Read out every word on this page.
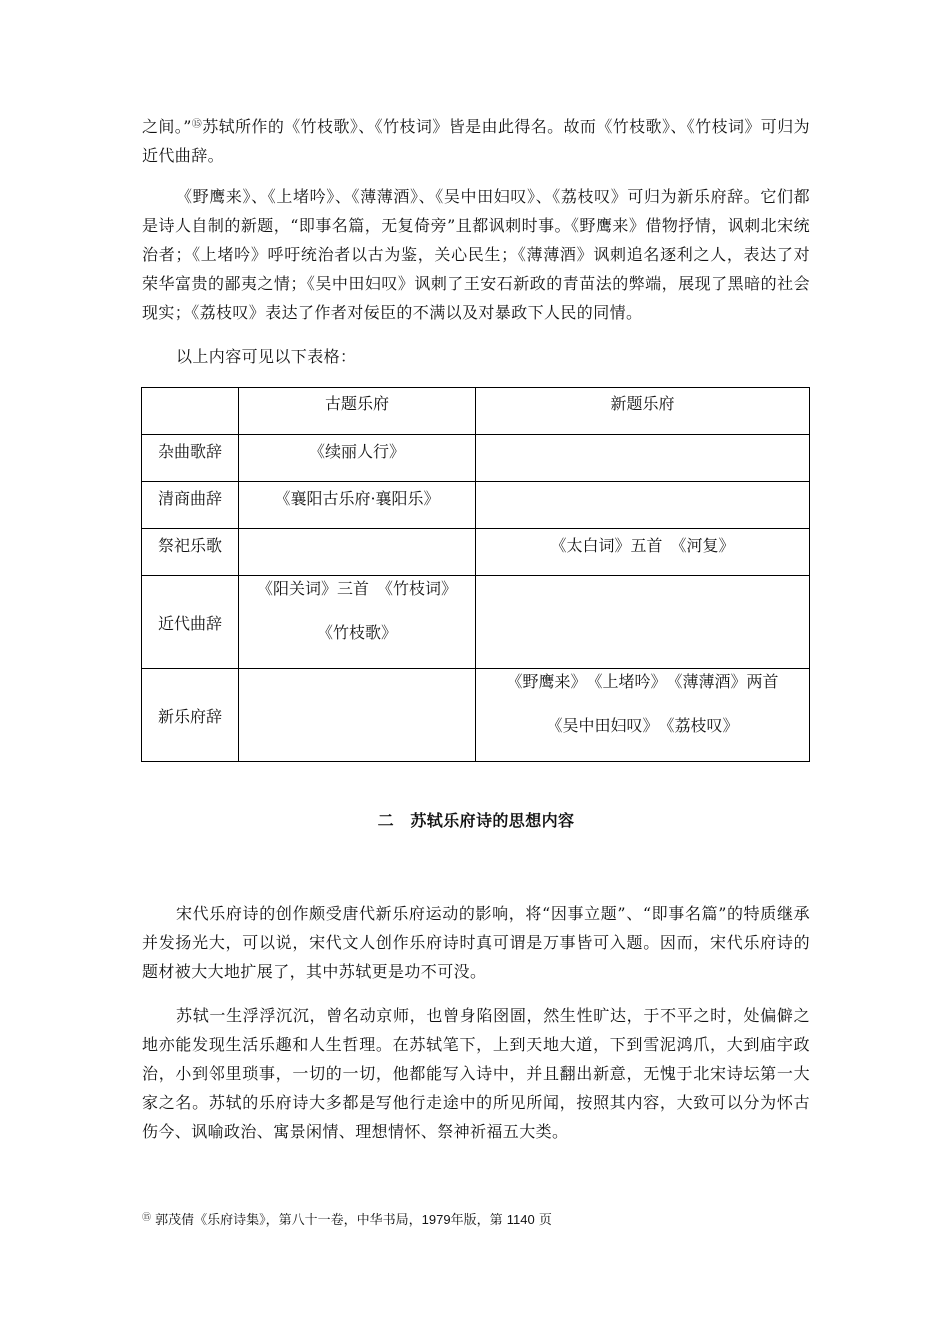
之间。”⑮苏轼所作的《竹枝歌》、《竹枝词》皆是由此得名。故而《竹枝歌》、《竹枝词》可归为近代曲辞。

《野鹰来》、《上堵吟》、《薄薄酒》、《吴中田妇叹》、《荔枝叹》可归为新乐府辞。它们都是诗人自制的新题，“即事名篇，无复倚旁”且都讽刺时事。《野鹰来》借物抒情，讽刺北宋统治者；《上堵吟》呼吁统治者以古为鉴，关心民生；《薄薄酒》讽刺追名逐利之人，表达了对荣华富贵的鄙夷之情；《吴中田妇叹》讽刺了王安石新政的青苗法的弊端，展现了黑暗的社会现实；《荔枝叹》表达了作者对佞臣的不满以及对暴政下人民的同情。

以上内容可见以下表格：

	古题乐府	新题乐府
杂曲歌辞	《续丽人行》	
清商曲辞	《襄阳古乐府·襄阳乐》	
祭祀乐歌		《太白词》五首　《河复》
近代曲辞	《阳关词》三首　《竹枝词》
《竹枝歌》	

新乐府辞		《野鹰来》　《上堵吟》　《薄薄酒》两首
《吴中田妇叹》　《荔枝叹》
二　苏轼乐府诗的思想内容

宋代乐府诗的创作颇受唐代新乐府运动的影响，将“因事立题”、“即事名篇”的特质继承并发扬光大，可以说，宋代文人创作乐府诗时真可谓是万事皆可入题。因而，宋代乐府诗的题材被大大地扩展了，其中苏轼更是功不可没。

苏轼一生浮浮沉沉，曾名动京师，也曾身陷囹圄，然生性旷达，于不平之时，处偏僻之地亦能发现生活乐趣和人生哲理。在苏轼笔下，上到天地大道，下到雪泥鸿爪，大到庙宇政治，小到邻里琐事，一切的一切，他都能写入诗中，并且翻出新意，无愧于北宋诗坛第一大家之名。苏轼的乐府诗大多都是写他行走途中的所见所闻，按照其内容，大致可以分为怀古伤今、讽喻政治、寓景闲情、理想情怀、祭神祈福五大类。

⑮ 郭茂倩《乐府诗集》，第八十一卷，中华书局，1979年版，第 1140 页
